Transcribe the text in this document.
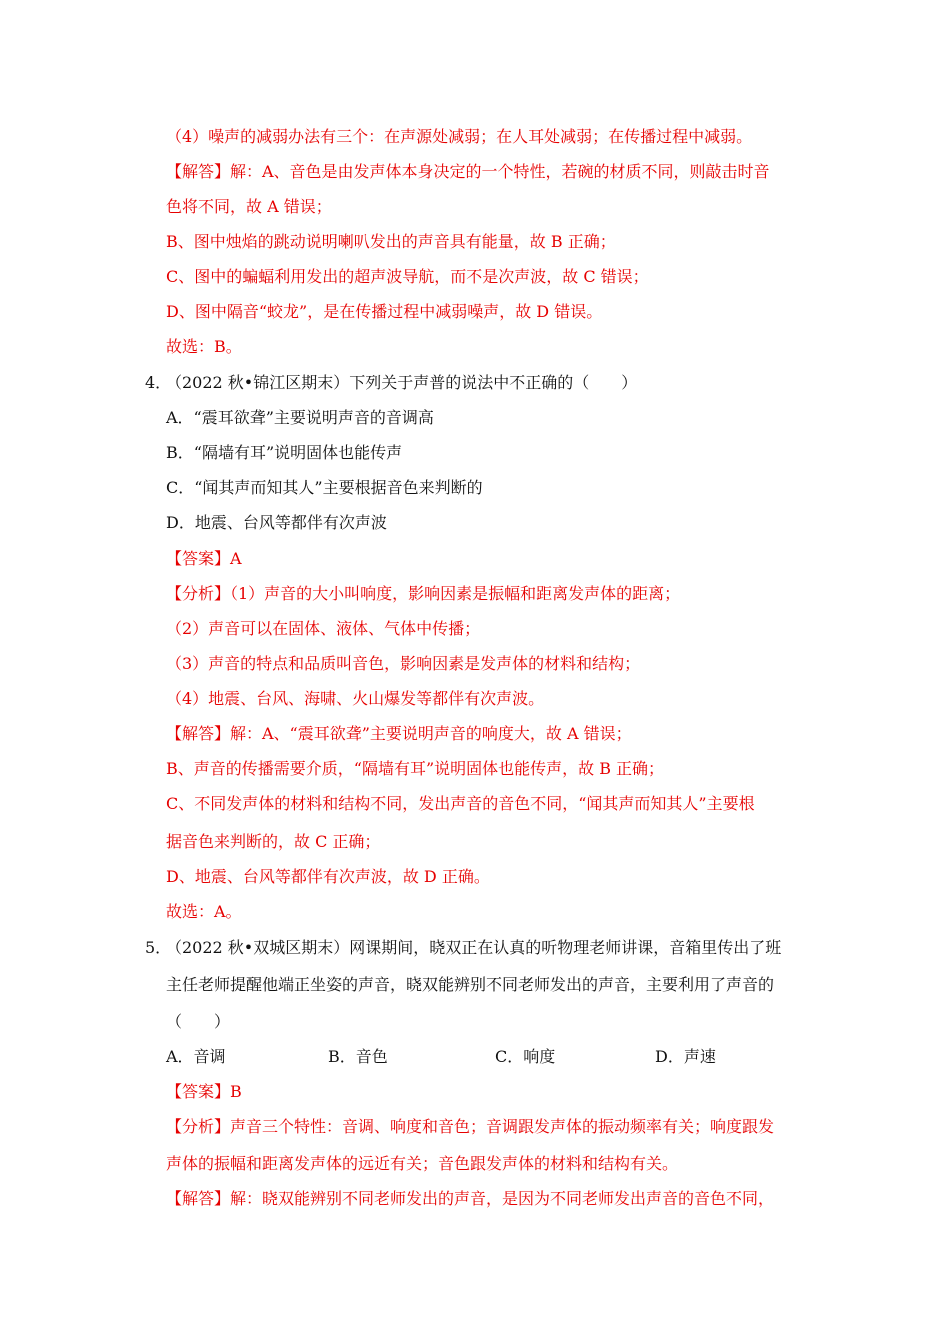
（4）噪声的减弱办法有三个：在声源处减弱；在人耳处减弱；在传播过程中减弱。
【解答】解：A、音色是由发声体本身决定的一个特性，若碗的材质不同，则敲击时音
色将不同，故 A 错误；
B、图中烛焰的跳动说明喇叭发出的声音具有能量，故 B 正确；
C、图中的蝙蝠利用发出的超声波导航，而不是次声波，故 C 错误；
D、图中隔音“蛟龙”，是在传播过程中减弱噪声，故 D 错误。
故选：B。
4．
（2022 秋•锦江区期末）下列关于声普的说法中不正确的（　　）
A．“震耳欲聋”主要说明声音的音调高
B．“隔墙有耳”说明固体也能传声
C．“闻其声而知其人”主要根据音色来判断的
D．地震、台风等都伴有次声波
【答案】A
【分析】（1）声音的大小叫响度，影响因素是振幅和距离发声体的距离；
（2）声音可以在固体、液体、气体中传播；
（3）声音的特点和品质叫音色，影响因素是发声体的材料和结构；
（4）地震、台风、海啸、火山爆发等都伴有次声波。
【解答】解：A、“震耳欲聋”主要说明声音的响度大，故 A 错误；
B、声音的传播需要介质，“隔墙有耳”说明固体也能传声，故 B 正确；
C、不同发声体的材料和结构不同，发出声音的音色不同，“闻其声而知其人”主要根
据音色来判断的，故 C 正确；
D、地震、台风等都伴有次声波，故 D 正确。
故选：A。
5．
（2022 秋•双城区期末）网课期间，晓双正在认真的听物理老师讲课，音箱里传出了班
主任老师提醒他端正坐姿的声音，晓双能辨别不同老师发出的声音，主要利用了声音的
（　　）
A．音调	B．音色	C．响度	D．声速
【答案】B
【分析】声音三个特性：音调、响度和音色；音调跟发声体的振动频率有关；响度跟发
声体的振幅和距离发声体的远近有关；音色跟发声体的材料和结构有关。
【解答】解：晓双能辨别不同老师发出的声音，是因为不同老师发出声音的音色不同，
